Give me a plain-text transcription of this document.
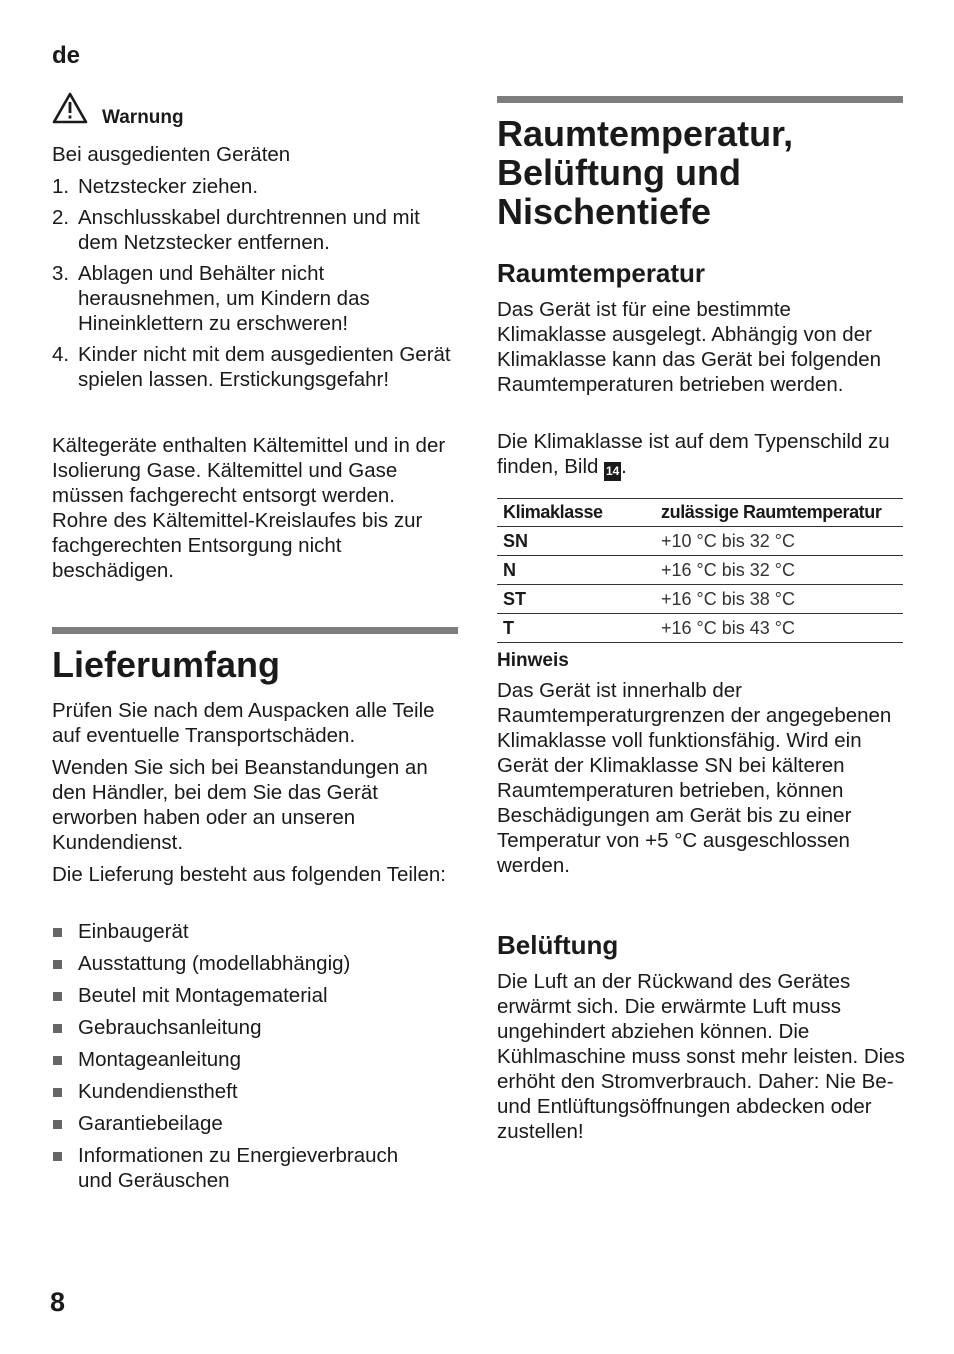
de
8
Warnung

Bei ausgedienten Geräten

1. Netzstecker ziehen.
2. Anschlusskabel durchtrennen und mit dem Netzstecker entfernen.
3. Ablagen und Behälter nicht herausnehmen, um Kindern das Hineinklettern zu erschweren!
4. Kinder nicht mit dem ausgedienten Gerät spielen lassen. Erstickungsgefahr!

Kältegeräte enthalten Kältemittel und in der Isolierung Gase. Kältemittel und Gase müssen fachgerecht entsorgt werden. Rohre des Kältemittel-Kreislaufes bis zur fachgerechten Entsorgung nicht beschädigen.

Lieferumfang

Prüfen Sie nach dem Auspacken alle Teile auf eventuelle Transportschäden.

Wenden Sie sich bei Beanstandungen an den Händler, bei dem Sie das Gerät erworben haben oder an unseren Kundendienst.

Die Lieferung besteht aus folgenden Teilen:

Einbaugerät
Ausstattung (modellabhängig)
Beutel mit Montagematerial
Gebrauchsanleitung
Montageanleitung
Kundendienstheft
Garantiebeilage
Informationen zu Energieverbrauch und Geräuschen
Raumtemperatur, Belüftung und Nischentiefe
Raumtemperatur

Das Gerät ist für eine bestimmte Klimaklasse ausgelegt. Abhängig von der Klimaklasse kann das Gerät bei folgenden Raumtemperaturen betrieben werden.

Die Klimaklasse ist auf dem Typenschild zu finden, Bild 14.

Klimaklasse	zulässige Raumtemperatur
SN	+10 °C bis 32 °C
N	+16 °C bis 32 °C
ST	+16 °C bis 38 °C
T	+16 °C bis 43 °C
Hinweis

Das Gerät ist innerhalb der Raumtemperaturgrenzen der angegebenen Klimaklasse voll funktionsfähig. Wird ein Gerät der Klimaklasse SN bei kälteren Raumtemperaturen betrieben, können Beschädigungen am Gerät bis zu einer Temperatur von +5 °C ausgeschlossen werden.

Belüftung

Die Luft an der Rückwand des Gerätes erwärmt sich. Die erwärmte Luft muss ungehindert abziehen können. Die Kühlmaschine muss sonst mehr leisten. Dies erhöht den Stromverbrauch. Daher: Nie Be- und Entlüftungsöffnungen abdecken oder zustellen!
